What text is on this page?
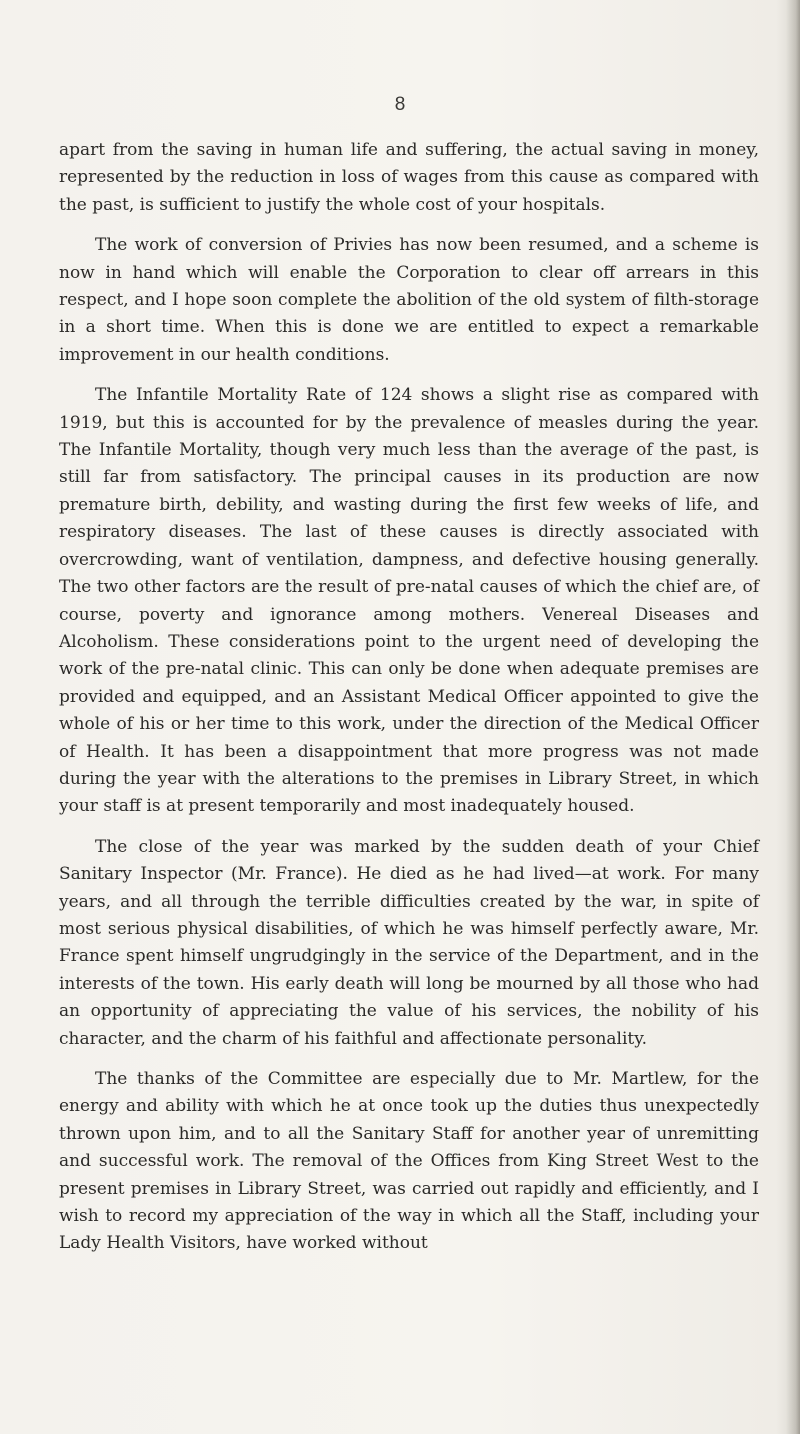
8

apart from the saving in human life and suffering, the actual saving in money, represented by the reduction in loss of wages from this cause as compared with the past, is sufficient to justify the whole cost of your hospitals.

The work of conversion of Privies has now been resumed, and a scheme is now in hand which will enable the Corporation to clear off arrears in this respect, and I hope soon complete the abolition of the old system of filth-storage in a short time. When this is done we are entitled to expect a remarkable improvement in our health conditions.

The Infantile Mortality Rate of 124 shows a slight rise as compared with 1919, but this is accounted for by the prevalence of measles during the year. The Infantile Mortality, though very much less than the average of the past, is still far from satisfactory. The principal causes in its production are now premature birth, debility, and wasting during the first few weeks of life, and respiratory diseases. The last of these causes is directly associated with overcrowding, want of ventilation, dampness, and defective housing generally. The two other factors are the result of pre-natal causes of which the chief are, of course, poverty and ignorance among mothers. Venereal Diseases and Alcoholism. These considerations point to the urgent need of developing the work of the pre-natal clinic. This can only be done when adequate premises are provided and equipped, and an Assistant Medical Officer appointed to give the whole of his or her time to this work, under the direction of the Medical Officer of Health. It has been a disappointment that more progress was not made during the year with the alterations to the premises in Library Street, in which your staff is at present temporarily and most inadequately housed.

The close of the year was marked by the sudden death of your Chief Sanitary Inspector (Mr. France). He died as he had lived—at work. For many years, and all through the terrible difficulties created by the war, in spite of most serious physical disabilities, of which he was himself perfectly aware, Mr. France spent himself ungrudgingly in the service of the Department, and in the interests of the town. His early death will long be mourned by all those who had an opportunity of appreciating the value of his services, the nobility of his character, and the charm of his faithful and affectionate personality.

The thanks of the Committee are especially due to Mr. Martlew, for the energy and ability with which he at once took up the duties thus unexpectedly thrown upon him, and to all the Sanitary Staff for another year of unremitting and successful work. The removal of the Offices from King Street West to the present premises in Library Street, was carried out rapidly and efficiently, and I wish to record my appreciation of the way in which all the Staff, including your Lady Health Visitors, have worked without
